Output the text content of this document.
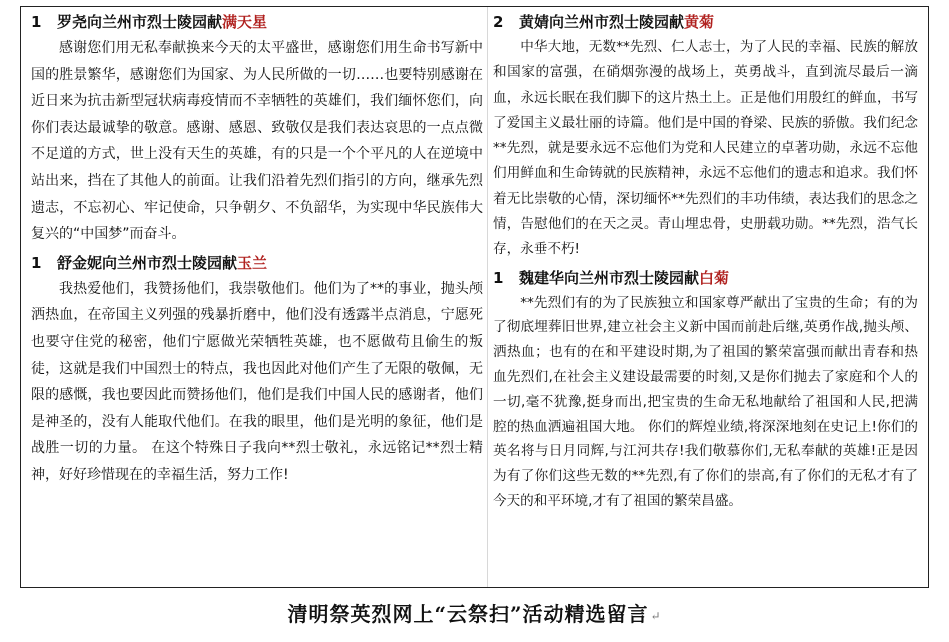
1 罗尧向兰州市烈士陵园献满天星

感谢您们用无私奉献换来今天的太平盛世，感谢您们用生命书写新中国的胜景繁华，感谢您们为国家、为人民所做的一切……也要特别感谢在近日来为抗击新型冠状病毒疫情而不幸牺牲的英雄们，我们缅怀您们，向你们表达最诚挚的敬意。感谢、感恩、致敬仅是我们表达哀思的一点点微不足道的方式，世上没有天生的英雄，有的只是一个个平凡的人在逆境中站出来，挡在了其他人的前面。让我们沿着先烈们指引的方向，继承先烈遗志，不忘初心、牢记使命，只争朝夕、不负韶华，为实现中华民族伟大复兴的“中国梦”而奋斗。

1 舒金妮向兰州市烈士陵园献玉兰

我热爱他们，我赞扬他们，我崇敬他们。他们为了**的事业，抛头颅洒热血，在帝国主义列强的残暴折磨中，他们没有透露半点消息，宁愿死也要守住党的秘密，他们宁愿做光荣牺牲英雄，也不愿做苟且偷生的叛徒，这就是我们中国烈士的特点，我也因此对他们产生了无限的敬佩，无限的感慨，我也要因此而赞扬他们，他们是我们中国人民的感谢者，他们是神圣的，没有人能取代他们。在我的眼里，他们是光明的象征，他们是战胜一切的力量。 在这个特殊日子我向**烈士敬礼，永远铭记**烈士精神，好好珍惜现在的幸福生活，努力工作!

2 黄婧向兰州市烈士陵园献黄菊

中华大地，无数**先烈、仁人志士，为了人民的幸福、民族的解放和国家的富强，在硝烟弥漫的战场上，英勇战斗，直到流尽最后一滴血，永远长眠在我们脚下的这片热土上。正是他们用殷红的鲜血，书写了爱国主义最壮丽的诗篇。他们是中国的脊梁、民族的骄傲。我们纪念**先烈，就是要永远不忘他们为党和人民建立的卓著功勋，永远不忘他们用鲜血和生命铸就的民族精神，永远不忘他们的遗志和追求。我们怀着无比崇敬的心情，深切缅怀**先烈们的丰功伟绩，表达我们的思念之情，告慰他们的在天之灵。青山埋忠骨，史册载功勋。**先烈，浩气长存，永垂不朽!

1 魏建华向兰州市烈士陵园献白菊

**先烈们有的为了民族独立和国家尊严献出了宝贵的生命；有的为了彻底埋葬旧世界,建立社会主义新中国而前赴后继,英勇作战,抛头颅、洒热血；也有的在和平建设时期,为了祖国的繁荣富强而献出青春和热血先烈们,在社会主义建设最需要的时刻,又是你们抛去了家庭和个人的一切,毫不犹豫,挺身而出,把宝贵的生命无私地献给了祖国和人民,把满腔的热血洒遍祖国大地。 你们的辉煌业绩,将深深地刻在史记上!你们的英名将与日月同辉,与江河共存!我们敬慕你们,无私奉献的英雄!正是因为有了你们这些无数的**先烈,有了你们的崇高,有了你们的无私才有了今天的和平环境,才有了祖国的繁荣昌盛。

清明祭英烈网上“云祭扫”活动精选留言 ↵
